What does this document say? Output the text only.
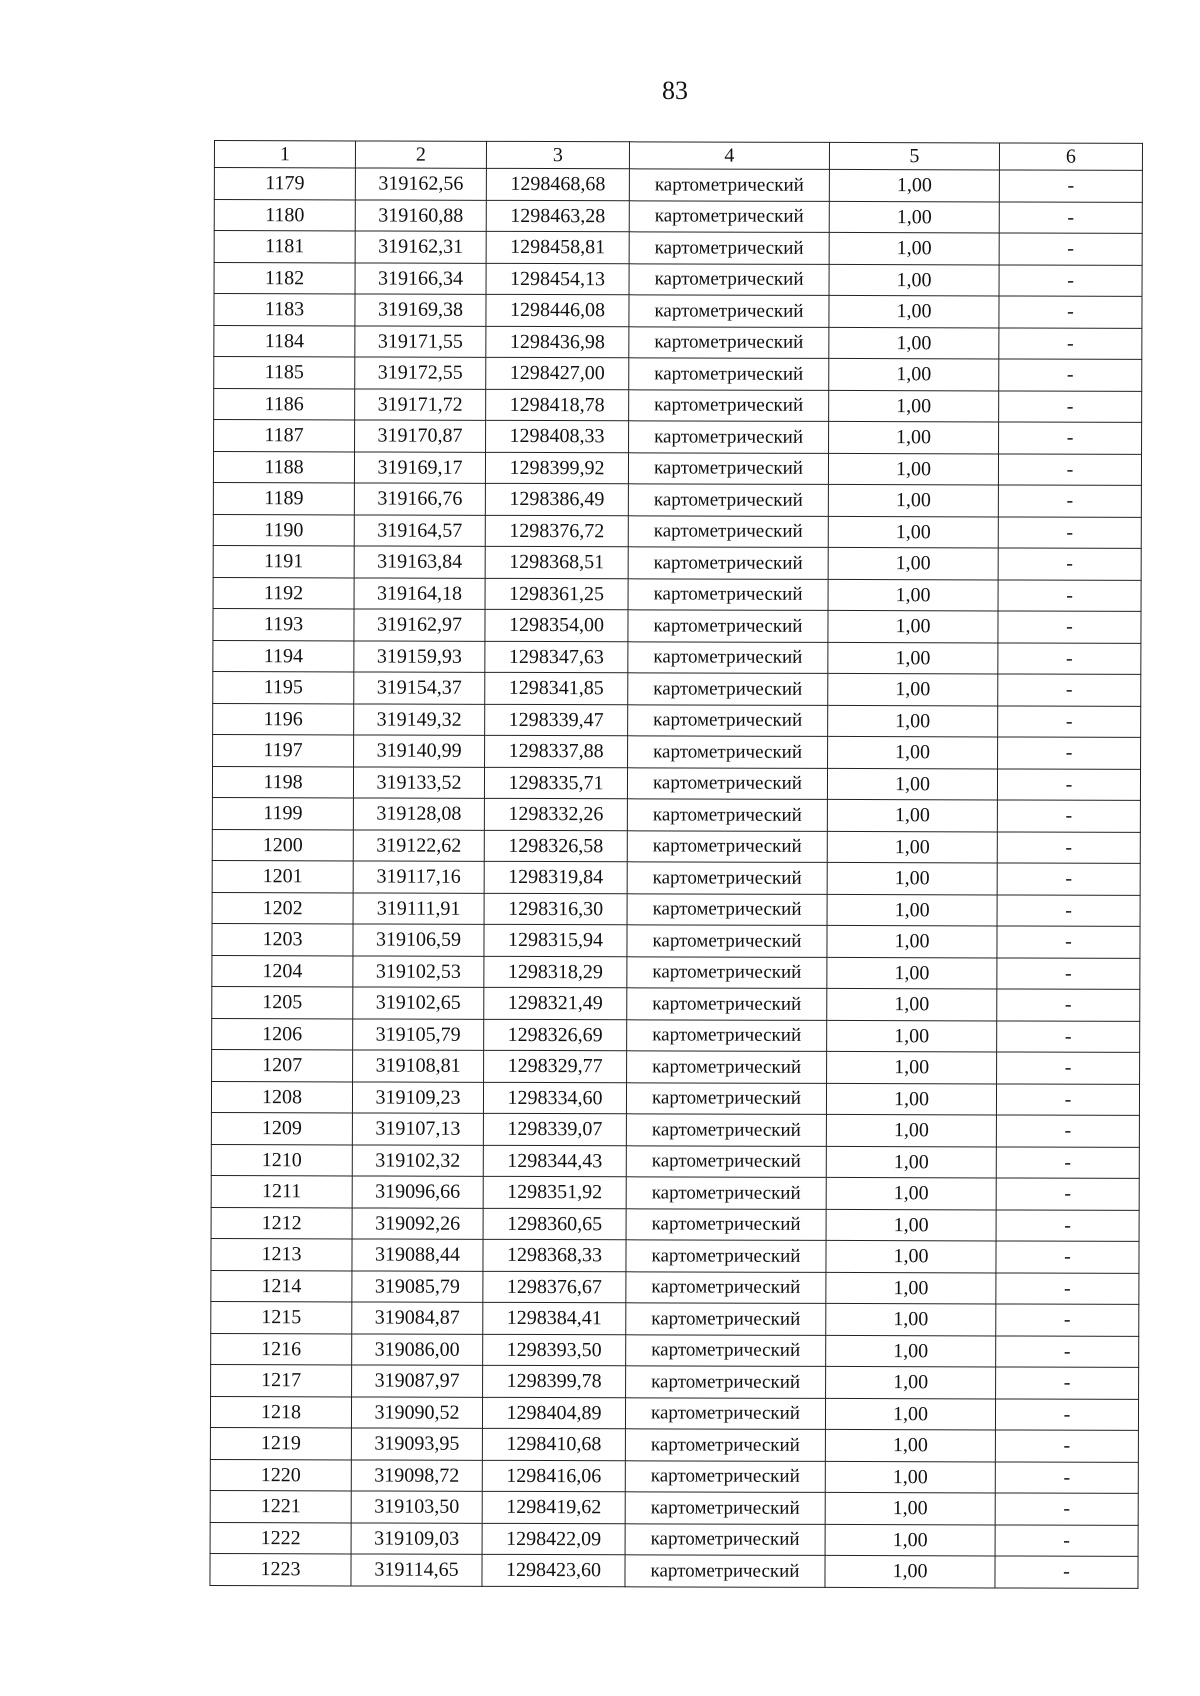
83
1	2	3	4	5	6
1179	319162,56	1298468,68	картометрический	1,00	-
1180	319160,88	1298463,28	картометрический	1,00	-
1181	319162,31	1298458,81	картометрический	1,00	-
1182	319166,34	1298454,13	картометрический	1,00	-
1183	319169,38	1298446,08	картометрический	1,00	-
1184	319171,55	1298436,98	картометрический	1,00	-
1185	319172,55	1298427,00	картометрический	1,00	-
1186	319171,72	1298418,78	картометрический	1,00	-
1187	319170,87	1298408,33	картометрический	1,00	-
1188	319169,17	1298399,92	картометрический	1,00	-
1189	319166,76	1298386,49	картометрический	1,00	-
1190	319164,57	1298376,72	картометрический	1,00	-
1191	319163,84	1298368,51	картометрический	1,00	-
1192	319164,18	1298361,25	картометрический	1,00	-
1193	319162,97	1298354,00	картометрический	1,00	-
1194	319159,93	1298347,63	картометрический	1,00	-
1195	319154,37	1298341,85	картометрический	1,00	-
1196	319149,32	1298339,47	картометрический	1,00	-
1197	319140,99	1298337,88	картометрический	1,00	-
1198	319133,52	1298335,71	картометрический	1,00	-
1199	319128,08	1298332,26	картометрический	1,00	-
1200	319122,62	1298326,58	картометрический	1,00	-
1201	319117,16	1298319,84	картометрический	1,00	-
1202	319111,91	1298316,30	картометрический	1,00	-
1203	319106,59	1298315,94	картометрический	1,00	-
1204	319102,53	1298318,29	картометрический	1,00	-
1205	319102,65	1298321,49	картометрический	1,00	-
1206	319105,79	1298326,69	картометрический	1,00	-
1207	319108,81	1298329,77	картометрический	1,00	-
1208	319109,23	1298334,60	картометрический	1,00	-
1209	319107,13	1298339,07	картометрический	1,00	-
1210	319102,32	1298344,43	картометрический	1,00	-
1211	319096,66	1298351,92	картометрический	1,00	-
1212	319092,26	1298360,65	картометрический	1,00	-
1213	319088,44	1298368,33	картометрический	1,00	-
1214	319085,79	1298376,67	картометрический	1,00	-
1215	319084,87	1298384,41	картометрический	1,00	-
1216	319086,00	1298393,50	картометрический	1,00	-
1217	319087,97	1298399,78	картометрический	1,00	-
1218	319090,52	1298404,89	картометрический	1,00	-
1219	319093,95	1298410,68	картометрический	1,00	-
1220	319098,72	1298416,06	картометрический	1,00	-
1221	319103,50	1298419,62	картометрический	1,00	-
1222	319109,03	1298422,09	картометрический	1,00	-
1223	319114,65	1298423,60	картометрический	1,00	-
